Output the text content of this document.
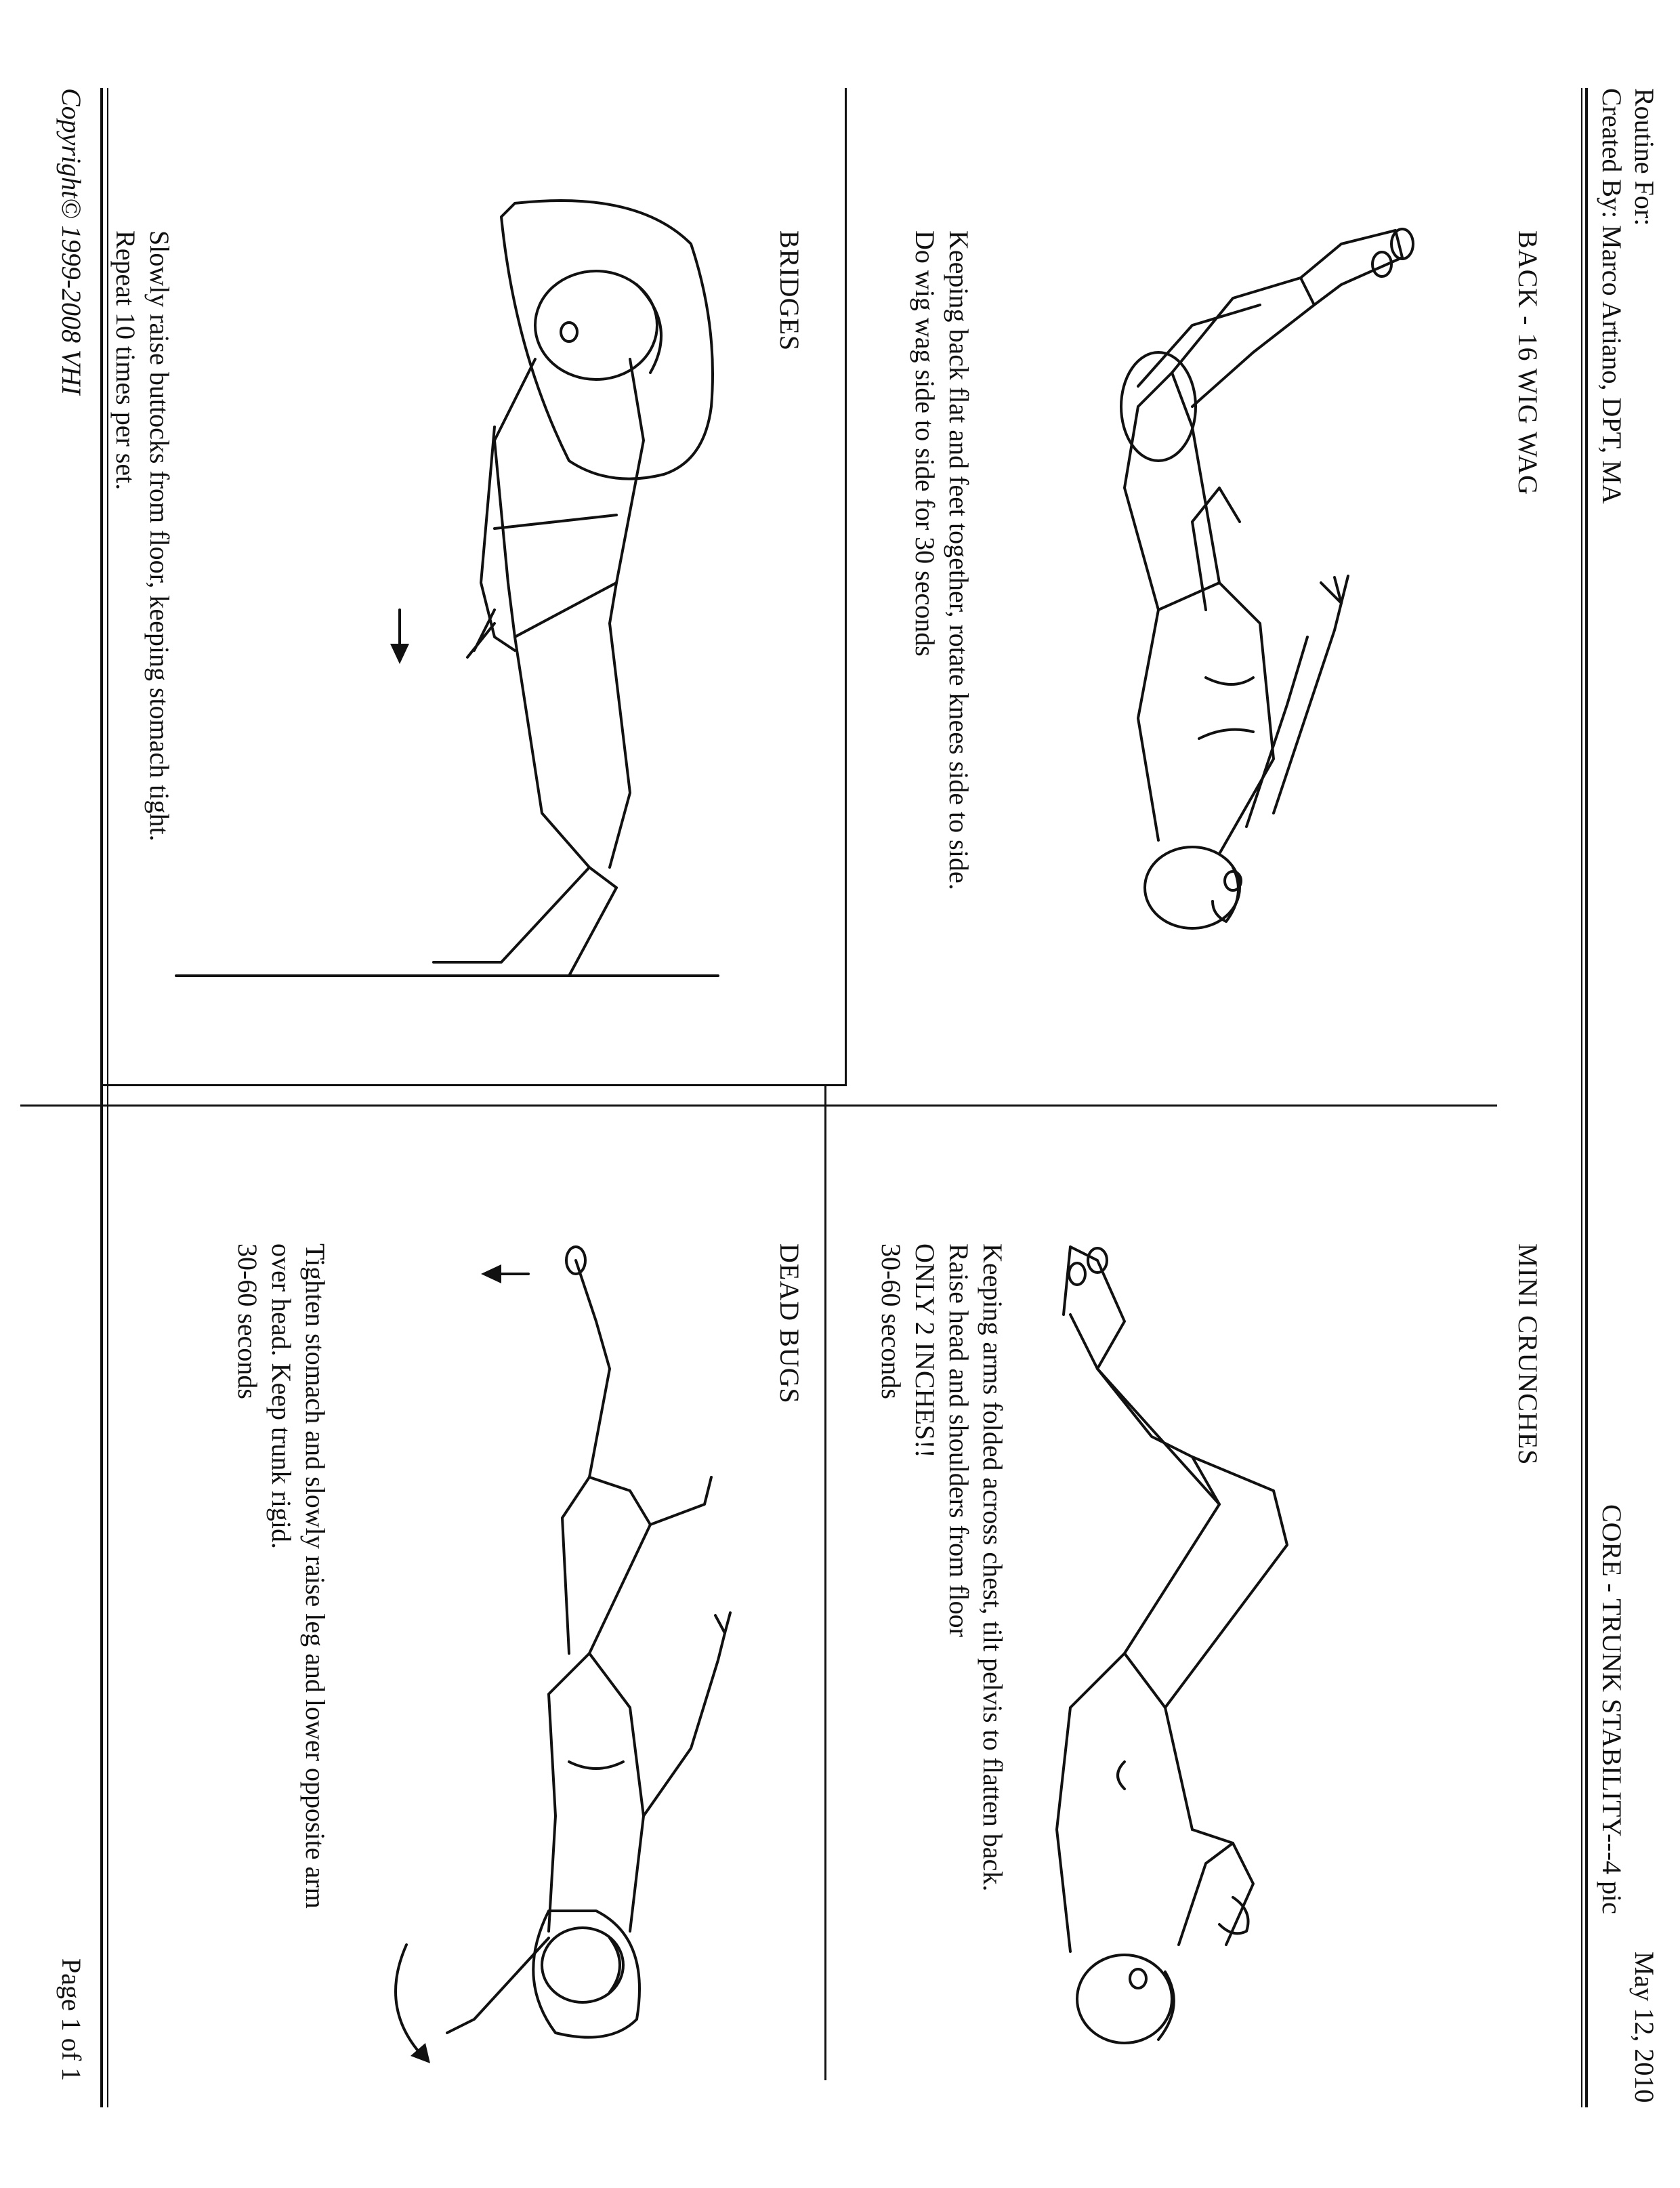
Routine For:
Created By: Marco Artiano, DPT, MA
May 12, 2010
CORE - TRUNK STABILITY---4 pic
BACK - 16 WIG WAG
Keeping back flat and feet together, rotate knees side to side.
Do wig wag side to side for 30 seconds
MINI CRUNCHES
Keeping arms folded across chest, tilt pelvis to flatten back.
Raise head and shoulders from floor
ONLY 2 INCHES!!
30-60 seconds
BRIDGES
Slowly raise buttocks from floor, keeping stomach tight.
Repeat 10 times per set.
DEAD BUGS
Tighten stomach and slowly raise leg and lower opposite arm
over head. Keep trunk rigid.
30-60 seconds
Copyright© 1999-2008 VHI
Page 1 of 1
